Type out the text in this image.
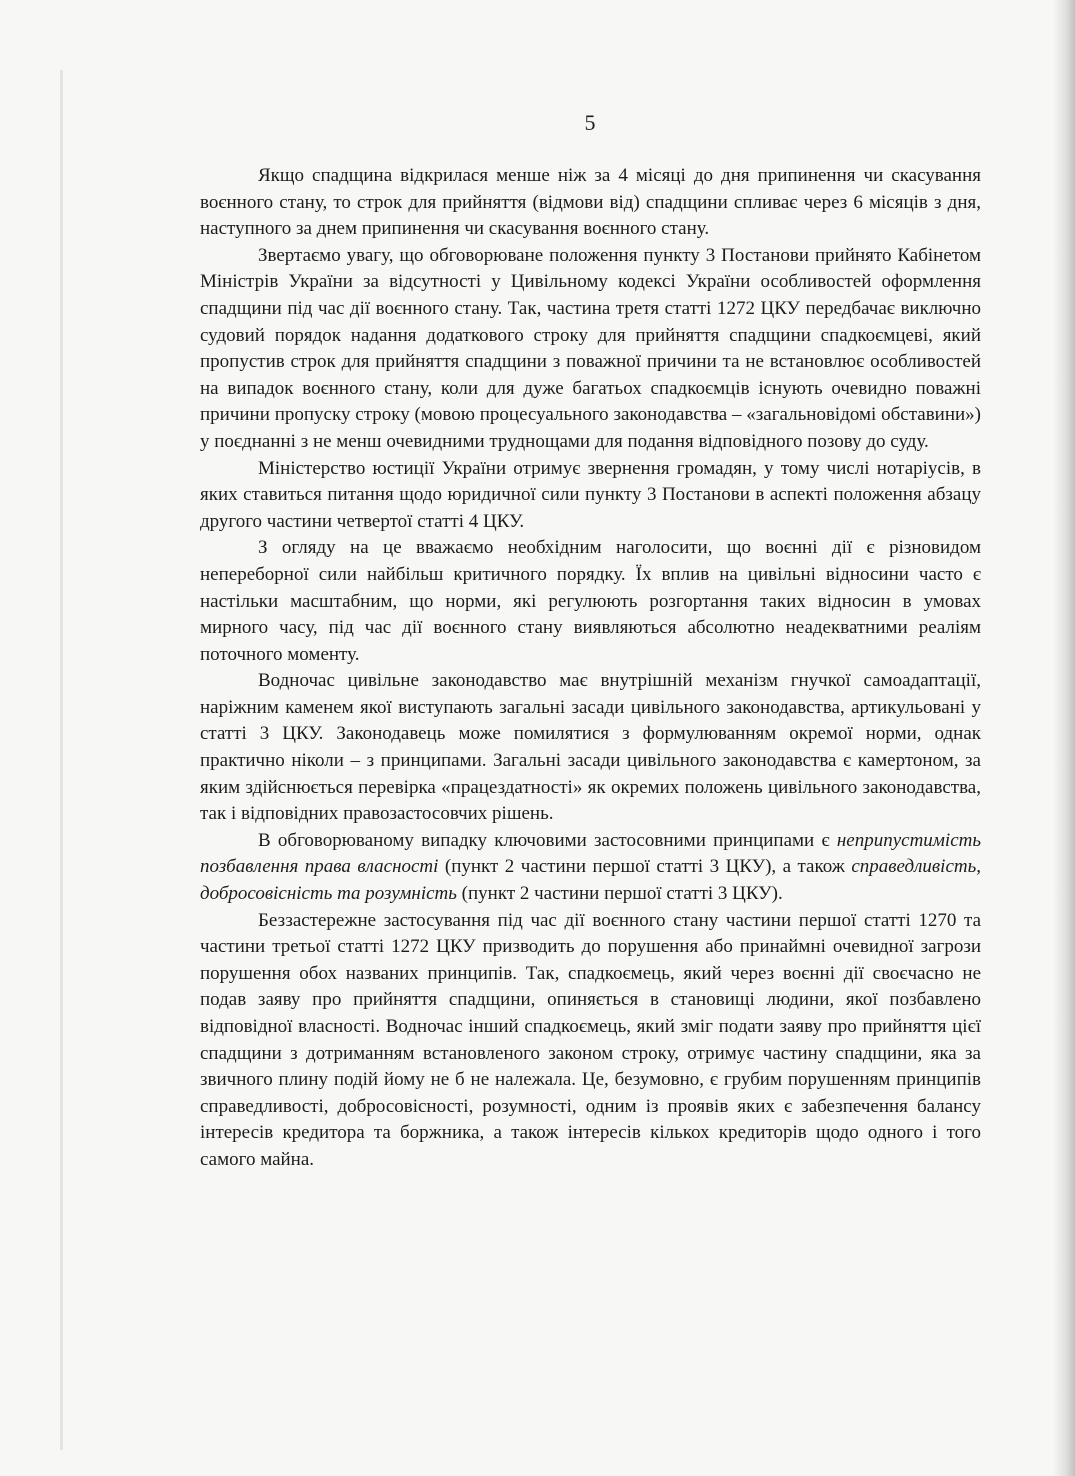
5

Якщо спадщина відкрилася менше ніж за 4 місяці до дня припинення чи скасування воєнного стану, то строк для прийняття (відмови від) спадщини спливає через 6 місяців з дня, наступного за днем припинення чи скасування воєнного стану.

Звертаємо увагу, що обговорюване положення пункту 3 Постанови прийнято Кабінетом Міністрів України за відсутності у Цивільному кодексі України особливостей оформлення спадщини під час дії воєнного стану. Так, частина третя статті 1272 ЦКУ передбачає виключно судовий порядок надання додаткового строку для прийняття спадщини спадкоємцеві, який пропустив строк для прийняття спадщини з поважної причини та не встановлює особливостей на випадок воєнного стану, коли для дуже багатьох спадкоємців існують очевидно поважні причини пропуску строку (мовою процесуального законодавства – «загальновідомі обставини») у поєднанні з не менш очевидними труднощами для подання відповідного позову до суду.

Міністерство юстиції України отримує звернення громадян, у тому числі нотаріусів, в яких ставиться питання щодо юридичної сили пункту 3 Постанови в аспекті положення абзацу другого частини четвертої статті 4 ЦКУ.

З огляду на це вважаємо необхідним наголосити, що воєнні дії є різновидом непереборної сили найбільш критичного порядку. Їх вплив на цивільні відносини часто є настільки масштабним, що норми, які регулюють розгортання таких відносин в умовах мирного часу, під час дії воєнного стану виявляються абсолютно неадекватними реаліям поточного моменту.

Водночас цивільне законодавство має внутрішній механізм гнучкої самоадаптації, наріжним каменем якої виступають загальні засади цивільного законодавства, артикульовані у статті 3 ЦКУ. Законодавець може помилятися з формулюванням окремої норми, однак практично ніколи – з принципами. Загальні засади цивільного законодавства є камертоном, за яким здійснюється перевірка «працездатності» як окремих положень цивільного законодавства, так і відповідних правозастосовчих рішень.

В обговорюваному випадку ключовими застосовними принципами є неприпустимість позбавлення права власності (пункт 2 частини першої статті 3 ЦКУ), а також справедливість, добросовісність та розумність (пункт 2 частини першої статті 3 ЦКУ).

Беззастережне застосування під час дії воєнного стану частини першої статті 1270 та частини третьої статті 1272 ЦКУ призводить до порушення або принаймні очевидної загрози порушення обох названих принципів. Так, спадкоємець, який через воєнні дії своєчасно не подав заяву про прийняття спадщини, опиняється в становищі людини, якої позбавлено відповідної власності. Водночас інший спадкоємець, який зміг подати заяву про прийняття цієї спадщини з дотриманням встановленого законом строку, отримує частину спадщини, яка за звичного плину подій йому не б не належала. Це, безумовно, є грубим порушенням принципів справедливості, добросовісності, розумності, одним із проявів яких є забезпечення балансу інтересів кредитора та боржника, а також інтересів кількох кредиторів щодо одного і того самого майна.
